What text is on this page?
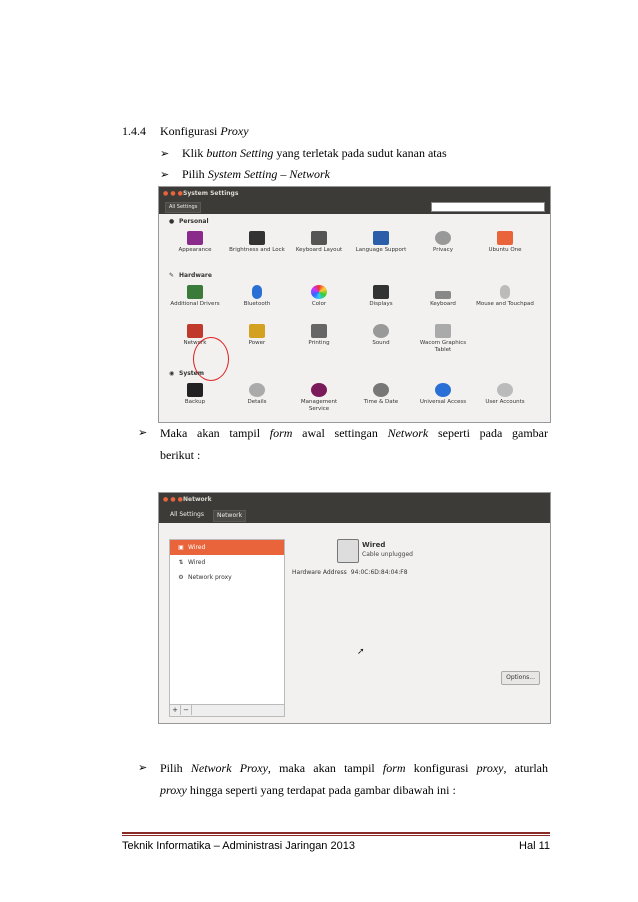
1.4.4 Konfigurasi Proxy
➢ Klik button Setting yang terletak pada sudut kanan atas
➢ Pilih System Setting – Network
● ● ●System Settings
All Settings
● Personal
Appearance	Brightness and Lock	Keyboard Layout	Language Support	Privacy	Ubuntu One
✎ Hardware
Additional Drivers	Bluetooth	Color	Displays	Keyboard	Mouse and Touchpad
Network	Power	Printing	Sound	Wacom Graphics Tablet
◉ System
Backup	Details	Management Service
Time & Date	Universal Access	User Accounts
➢ Maka akan tampil form awal settingan Network seperti pada gambar
berikut :
● ● ●Network
All Settings	Network
▣ Wired
⇅ Wired
⚙ Network proxy
+ −
Wired
Cable unplugged
Hardware Address 94:0C:6D:84:04:F8
➚
Options...
➢ Pilih Network Proxy, maka akan tampil form konfigurasi proxy, aturlah
proxy hingga seperti yang terdapat pada gambar dibawah ini :
Teknik Informatika – Administrasi Jaringan 2013	Hal 11
